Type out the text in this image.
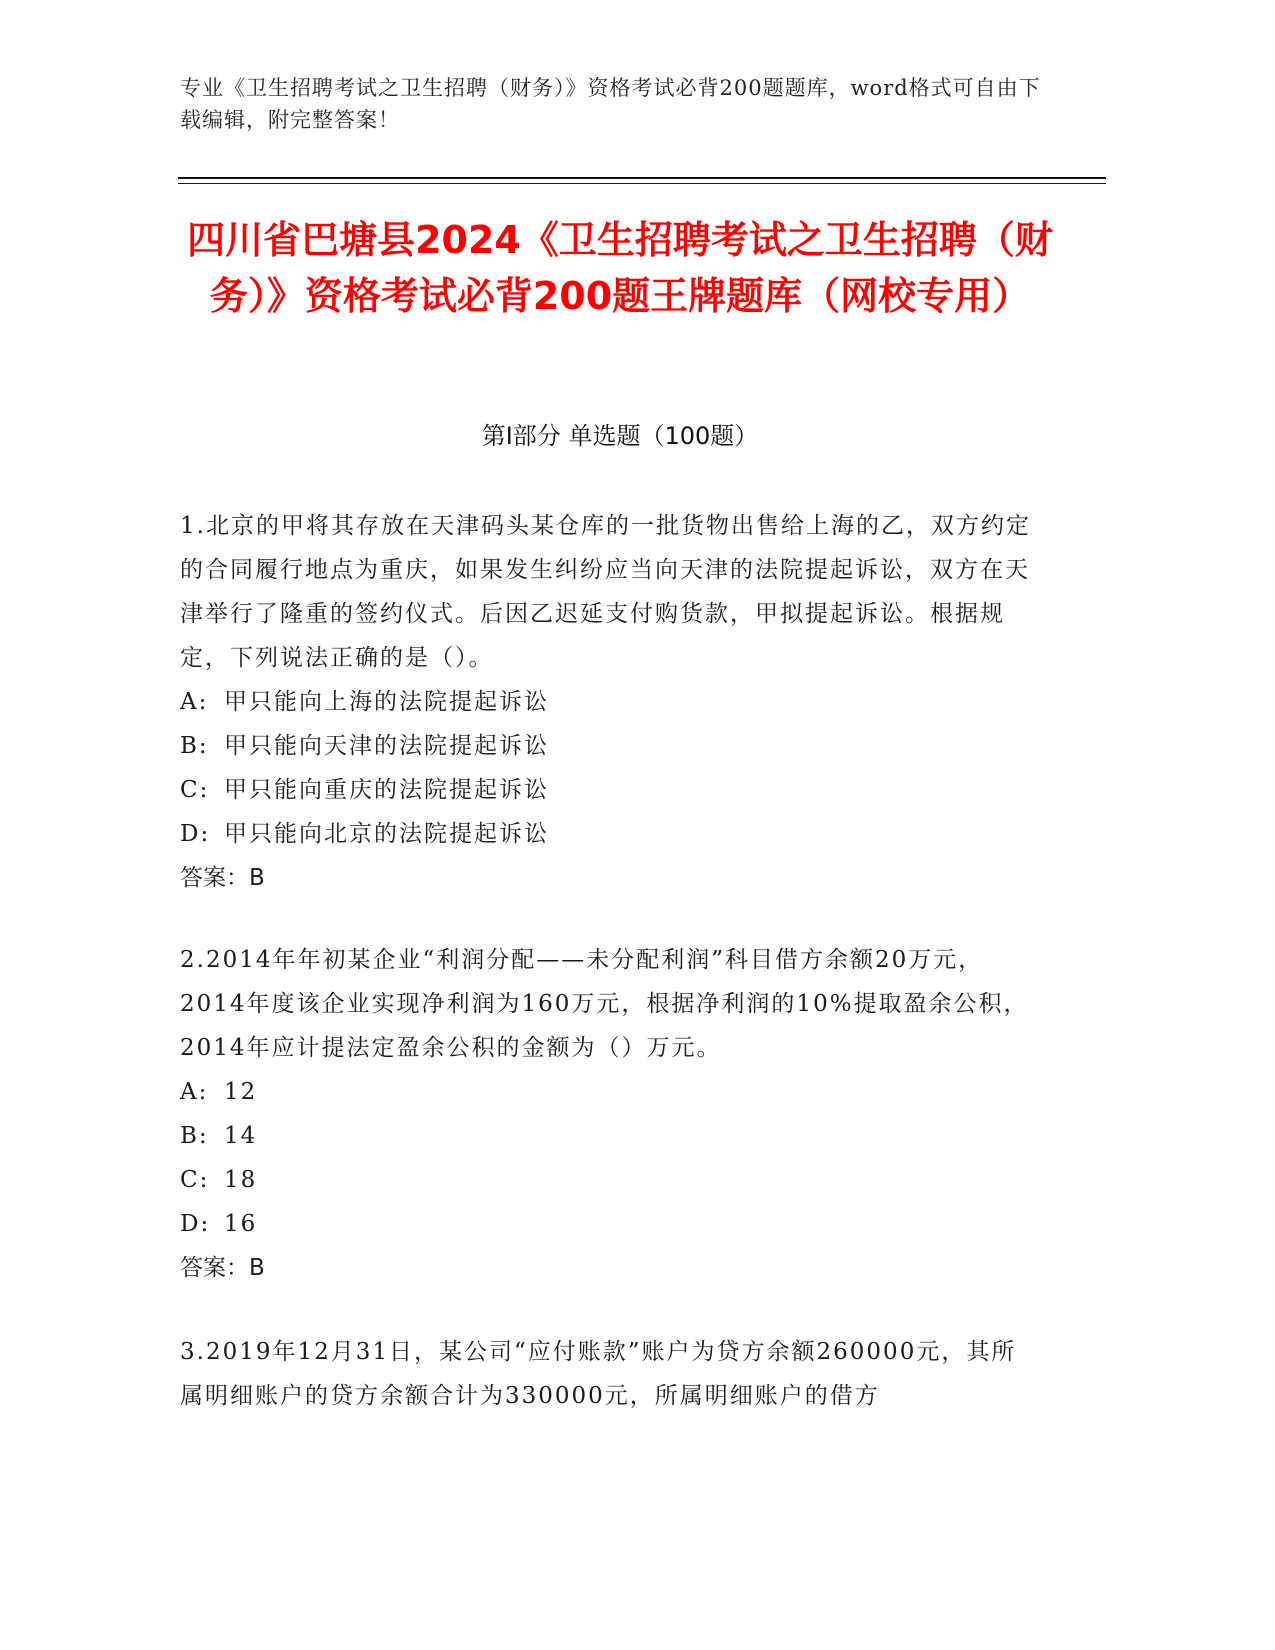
专业《卫生招聘考试之卫生招聘（财务）》资格考试必背200题题库，word格式可自由下载编辑，附完整答案！
四川省巴塘县2024《卫生招聘考试之卫生招聘（财务）》资格考试必背200题王牌题库（网校专用）
第I部分 单选题（100题）

1.北京的甲将其存放在天津码头某仓库的一批货物出售给上海的乙，双方约定的合同履行地点为重庆，如果发生纠纷应当向天津的法院提起诉讼，双方在天津举行了隆重的签约仪式。后因乙迟延支付购货款，甲拟提起诉讼。根据规定，下列说法正确的是（）。

A: 甲只能向上海的法院提起诉讼

B: 甲只能向天津的法院提起诉讼

C: 甲只能向重庆的法院提起诉讼

D: 甲只能向北京的法院提起诉讼

答案：B

2.2014年年初某企业“利润分配——未分配利润”科目借方余额20万元，2014年度该企业实现净利润为160万元，根据净利润的10%提取盈余公积，2014年应计提法定盈余公积的金额为（）万元。

A: 12

B: 14

C: 18

D: 16

答案：B

3.2019年12月31日，某公司“应付账款”账户为贷方余额260000元，其所属明细账户的贷方余额合计为330000元，所属明细账户的借方
